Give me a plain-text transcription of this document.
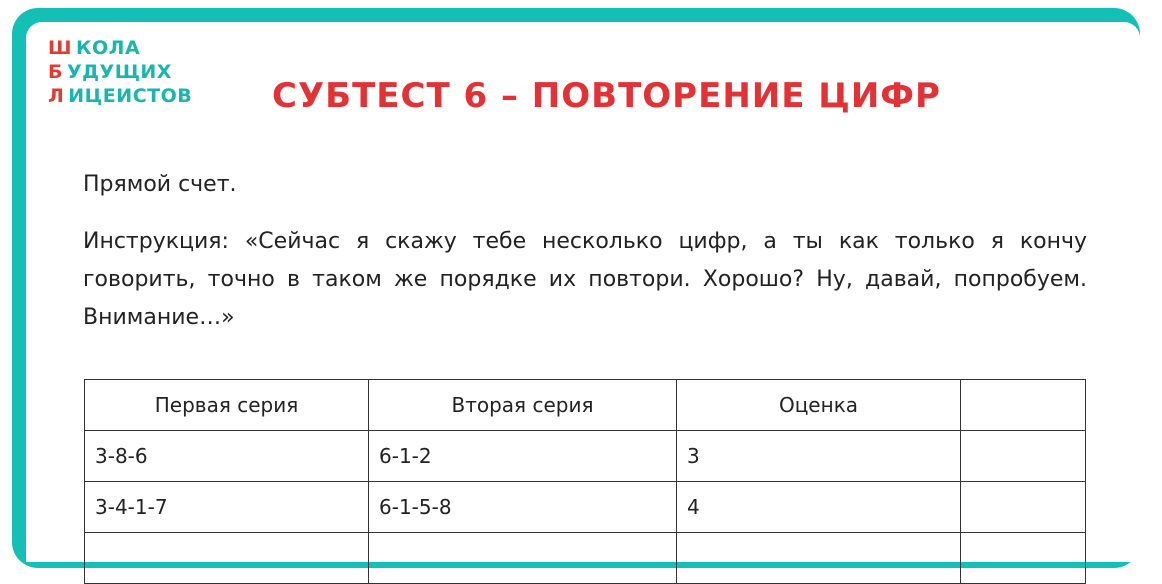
Ш КОЛА
Б УДУЩИХ
Л ИЦЕИСТОВ СУБТЕСТ 6 – ПОВТОРЕНИЕ ЦИФР

Прямой счет.

Инструкция: «Сейчас я скажу тебе несколько цифр, а ты как только я кончу говорить, точно в таком же порядке их повтори. Хорошо? Ну, давай, попробуем. Внимание…»

Первая серия	Вторая серия	Оценка	
3-8-6	6-1-2	3	
3-4-1-7	6-1-5-8	4	
